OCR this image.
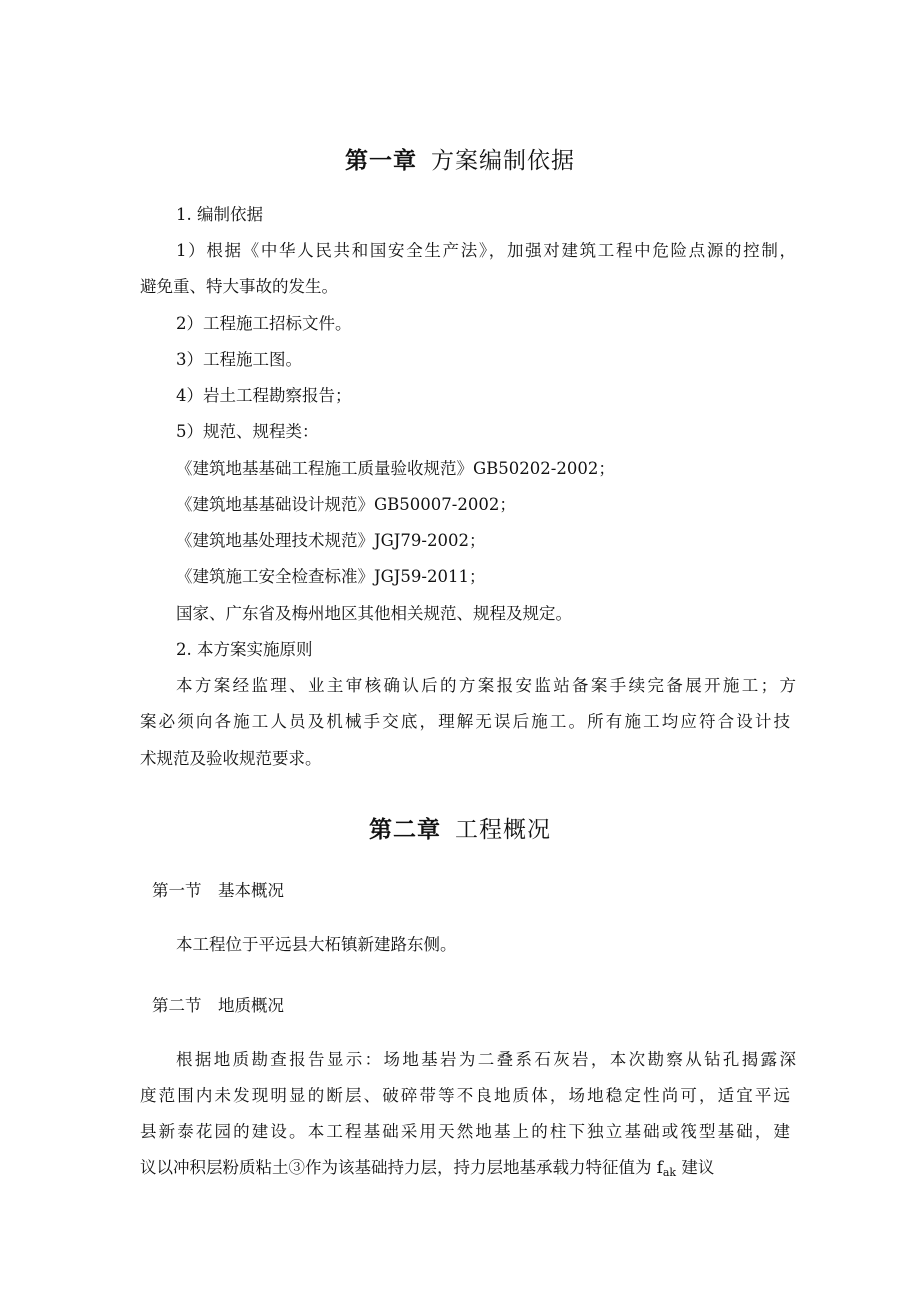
第一章 方案编制依据
1. 编制依据
1）根据《中华人民共和国安全生产法》，加强对建筑工程中危险点源的控制，
避免重、特大事故的发生。
2）工程施工招标文件。
3）工程施工图。
4）岩土工程勘察报告；
5）规范、规程类：
《建筑地基基础工程施工质量验收规范》GB50202-2002；
《建筑地基基础设计规范》GB50007-2002；
《建筑地基处理技术规范》JGJ79-2002；
《建筑施工安全检查标准》JGJ59-2011；
国家、广东省及梅州地区其他相关规范、规程及规定。
2. 本方案实施原则
本方案经监理、业主审核确认后的方案报安监站备案手续完备展开施工；方
案必须向各施工人员及机械手交底，理解无误后施工。所有施工均应符合设计技
术规范及验收规范要求。
第二章 工程概况
第一节　基本概况
本工程位于平远县大柘镇新建路东侧。
第二节　地质概况
根据地质勘查报告显示：场地基岩为二叠系石灰岩，本次勘察从钻孔揭露深
度范围内未发现明显的断层、破碎带等不良地质体，场地稳定性尚可，适宜平远
县新泰花园的建设。本工程基础采用天然地基上的柱下独立基础或筏型基础，建
议以冲积层粉质粘土③作为该基础持力层，持力层地基承载力特征值为 $f_{ak}$ 建议
